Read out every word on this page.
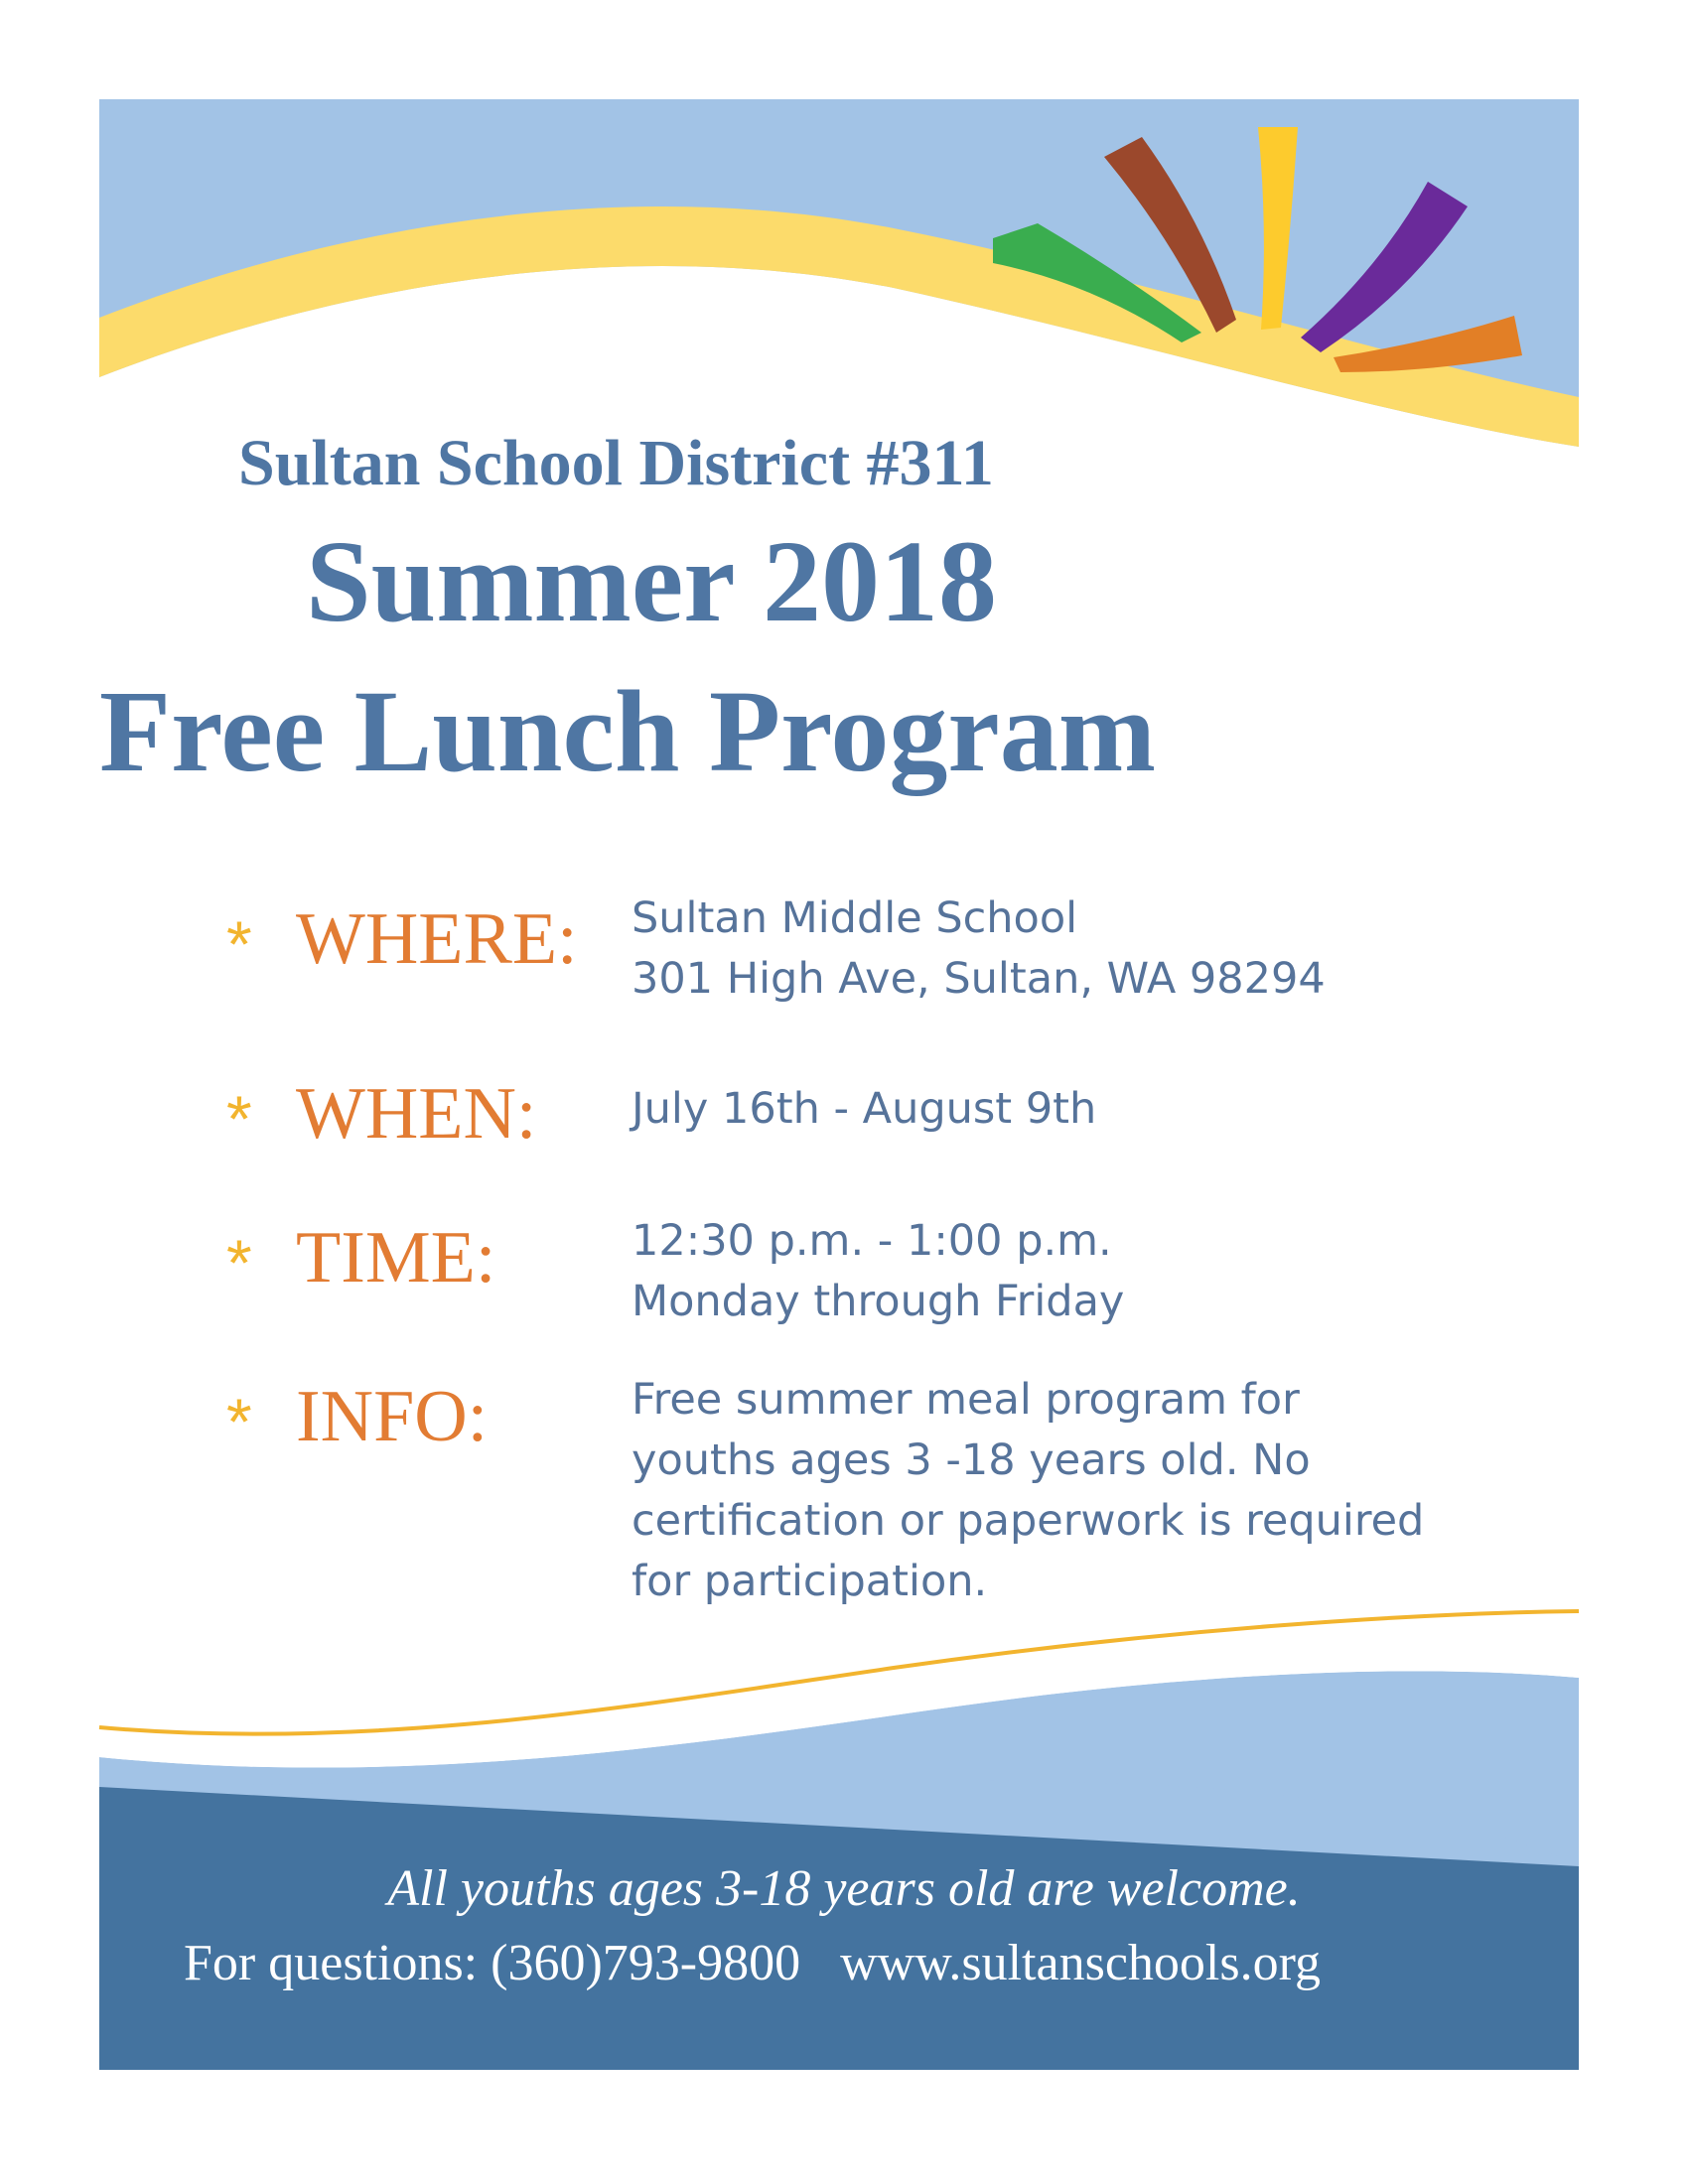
Sultan School District #311
Summer 2018
Free Lunch Program
* WHERE: Sultan Middle School
301 High Ave, Sultan, WA 98294
* WHEN: July 16th - August 9th
* TIME:	12:30 p.m. - 1:00 p.m.
Monday through Friday
* INFO:	Free summer meal program for
youths ages 3 -18 years old. No
certification or paperwork is required
for participation.
All youths ages 3-18 years old are welcome.
For questions: (360)793-9800 www.sultanschools.org
